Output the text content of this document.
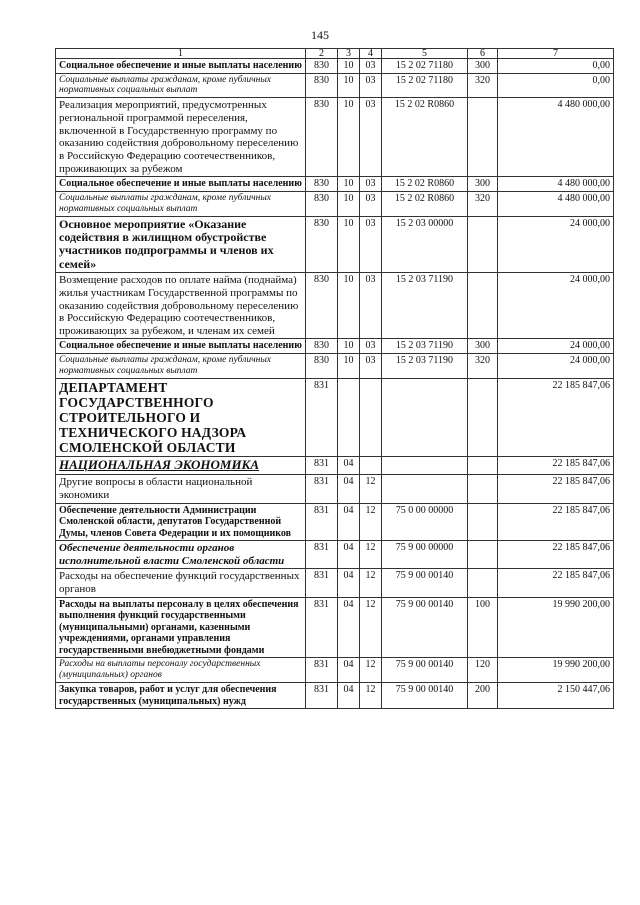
145
1	2	3	4	5	6	7
Социальное обеспечение и иные выплаты населению	830	10	03	15 2 02 71180	300	0,00
Социальные выплаты гражданам, кроме публичных нормативных социальных выплат	830	10	03	15 2 02 71180	320	0,00
Реализация мероприятий, предусмотренных региональной программой переселения, включенной в Государственную программу по оказанию содействия добровольному переселению в Российскую Федерацию соотечественников, проживающих за рубежом	830	10	03	15 2 02 R0860		4 480 000,00
Социальное обеспечение и иные выплаты населению	830	10	03	15 2 02 R0860	300	4 480 000,00
Социальные выплаты гражданам, кроме публичных нормативных социальных выплат	830	10	03	15 2 02 R0860	320	4 480 000,00
Основное мероприятие «Оказание содействия в жилищном обустройстве участников подпрограммы и членов их семей»	830	10	03	15 2 03 00000		24 000,00
Возмещение расходов по оплате найма (поднайма) жилья участникам Государственной программы по оказанию содействия добровольному переселению в Российскую Федерацию соотечественников, проживающих за рубежом, и членам их семей	830	10	03	15 2 03 71190		24 000,00
Социальное обеспечение и иные выплаты населению	830	10	03	15 2 03 71190	300	24 000,00
Социальные выплаты гражданам, кроме публичных нормативных социальных выплат	830	10	03	15 2 03 71190	320	24 000,00
ДЕПАРТАМЕНТ ГОСУДАРСТВЕННОГО СТРОИТЕЛЬНОГО И ТЕХНИЧЕСКОГО НАДЗОРА СМОЛЕНСКОЙ ОБЛАСТИ	831					22 185 847,06
НАЦИОНАЛЬНАЯ ЭКОНОМИКА	831	04				22 185 847,06
Другие вопросы в области национальной экономики	831	04	12			22 185 847,06
Обеспечение деятельности Администрации Смоленской области, депутатов Государственной Думы, членов Совета Федерации и их помощников	831	04	12	75 0 00 00000		22 185 847,06
Обеспечение деятельности органов исполнительной власти Смоленской области	831	04	12	75 9 00 00000		22 185 847,06
Расходы на обеспечение функций государственных органов	831	04	12	75 9 00 00140		22 185 847,06
Расходы на выплаты персоналу в целях обеспечения выполнения функций государственными (муниципальными) органами, казенными учреждениями, органами управления государственными внебюджетными фондами	831	04	12	75 9 00 00140	100	19 990 200,00
Расходы на выплаты персоналу государственных (муниципальных) органов	831	04	12	75 9 00 00140	120	19 990 200,00
Закупка товаров, работ и услуг для обеспечения государственных (муниципальных) нужд	831	04	12	75 9 00 00140	200	2 150 447,06
